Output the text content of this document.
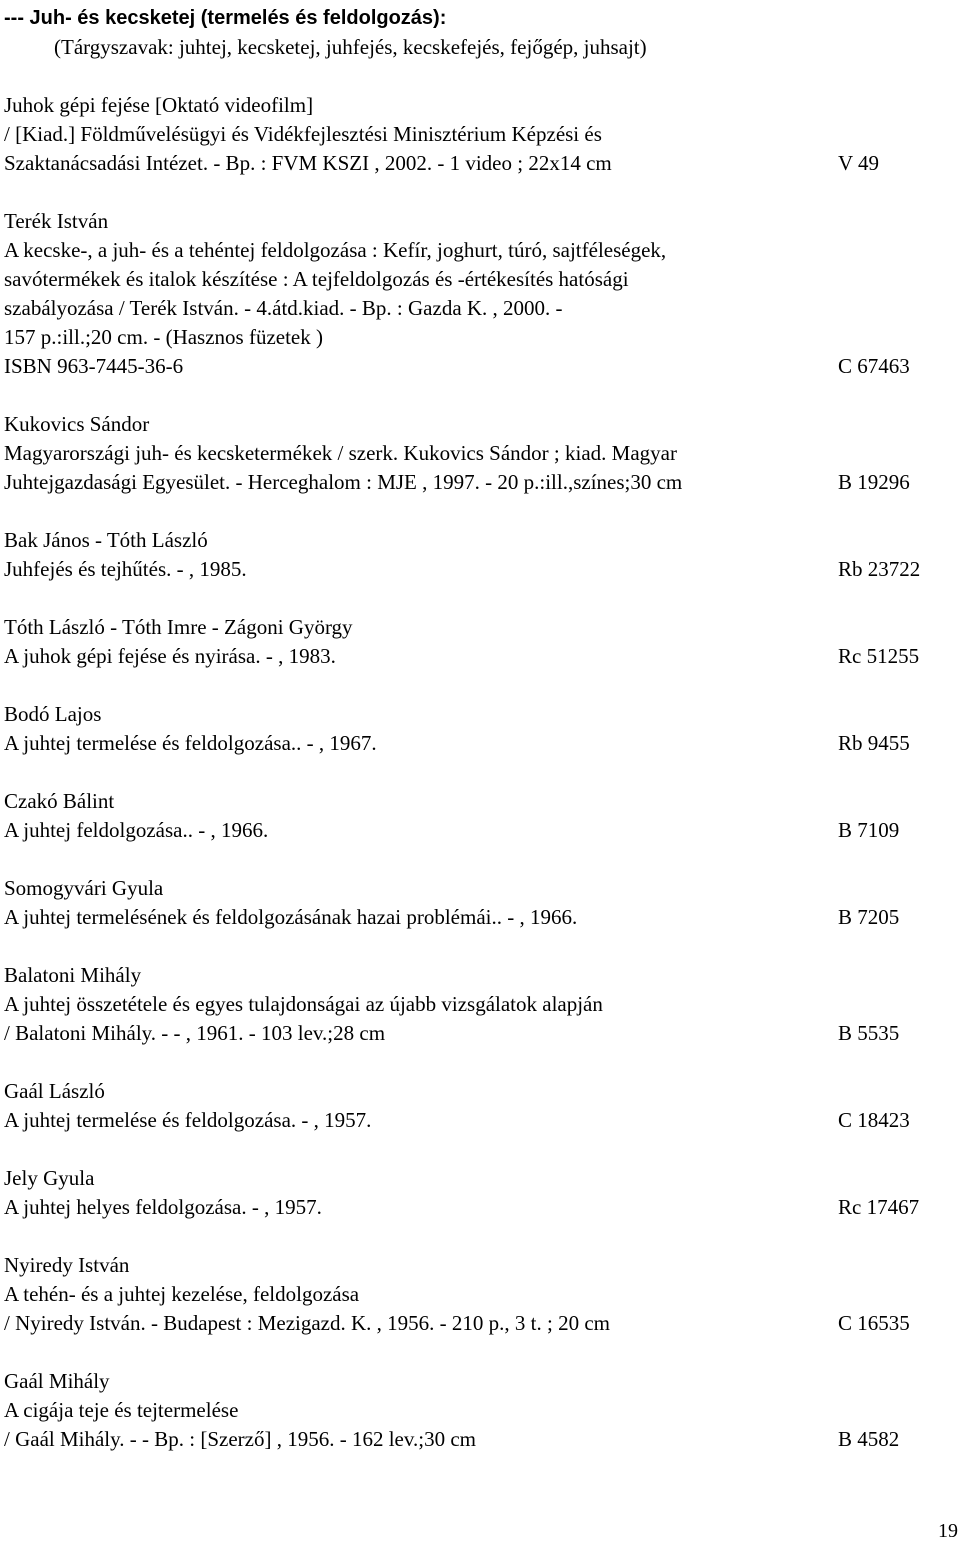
--- Juh- és kecsketej (termelés és feldolgozás):
(Tárgyszavak: juhtej, kecsketej, juhfejés, kecskefejés, fejőgép, juhsajt)
Juhok gépi fejése [Oktató videofilm]
/ [Kiad.] Földművelésügyi és Vidékfejlesztési Minisztérium Képzési és
Szaktanácsadási Intézet. - Bp. : FVM KSZI , 2002. - 1 video ; 22x14 cm	V 49
Terék István
A kecske-, a juh- és a tehéntej feldolgozása : Kefír, joghurt, túró, sajtféleségek,
savótermékek és italok készítése : A tejfeldolgozás és -értékesítés hatósági
szabályozása / Terék István. - 4.átd.kiad. - Bp. : Gazda K. , 2000. -
157 p.:ill.;20 cm. - (Hasznos füzetek )
ISBN 963-7445-36-6	C 67463
Kukovics Sándor
Magyarországi juh- és kecsketermékek / szerk. Kukovics Sándor ; kiad. Magyar
Juhtejgazdasági Egyesület. - Herceghalom : MJE , 1997. - 20 p.:ill.,színes;30 cm	B 19296
Bak János - Tóth László
Juhfejés és tejhűtés. - , 1985.	Rb 23722
Tóth László - Tóth Imre - Zágoni György
A juhok gépi fejése és nyirása. - , 1983.	Rc 51255
Bodó Lajos
A juhtej termelése és feldolgozása.. - , 1967.	Rb 9455
Czakó Bálint
A juhtej feldolgozása.. - , 1966.	B 7109
Somogyvári Gyula
A juhtej termelésének és feldolgozásának hazai problémái.. - , 1966.	B 7205
Balatoni Mihály
A juhtej összetétele és egyes tulajdonságai az újabb vizsgálatok alapján
/ Balatoni Mihály. - - , 1961. - 103 lev.;28 cm	B 5535
Gaál László
A juhtej termelése és feldolgozása. - , 1957.	C 18423
Jely Gyula
A juhtej helyes feldolgozása. - , 1957.	Rc 17467
Nyiredy István
A tehén- és a juhtej kezelése, feldolgozása
/ Nyiredy István. - Budapest : Mezigazd. K. , 1956. - 210 p., 3 t. ; 20 cm	C 16535
Gaál Mihály
A cigája teje és tejtermelése
/ Gaál Mihály. - - Bp. : [Szerző] , 1956. - 162 lev.;30 cm	B 4582
19
